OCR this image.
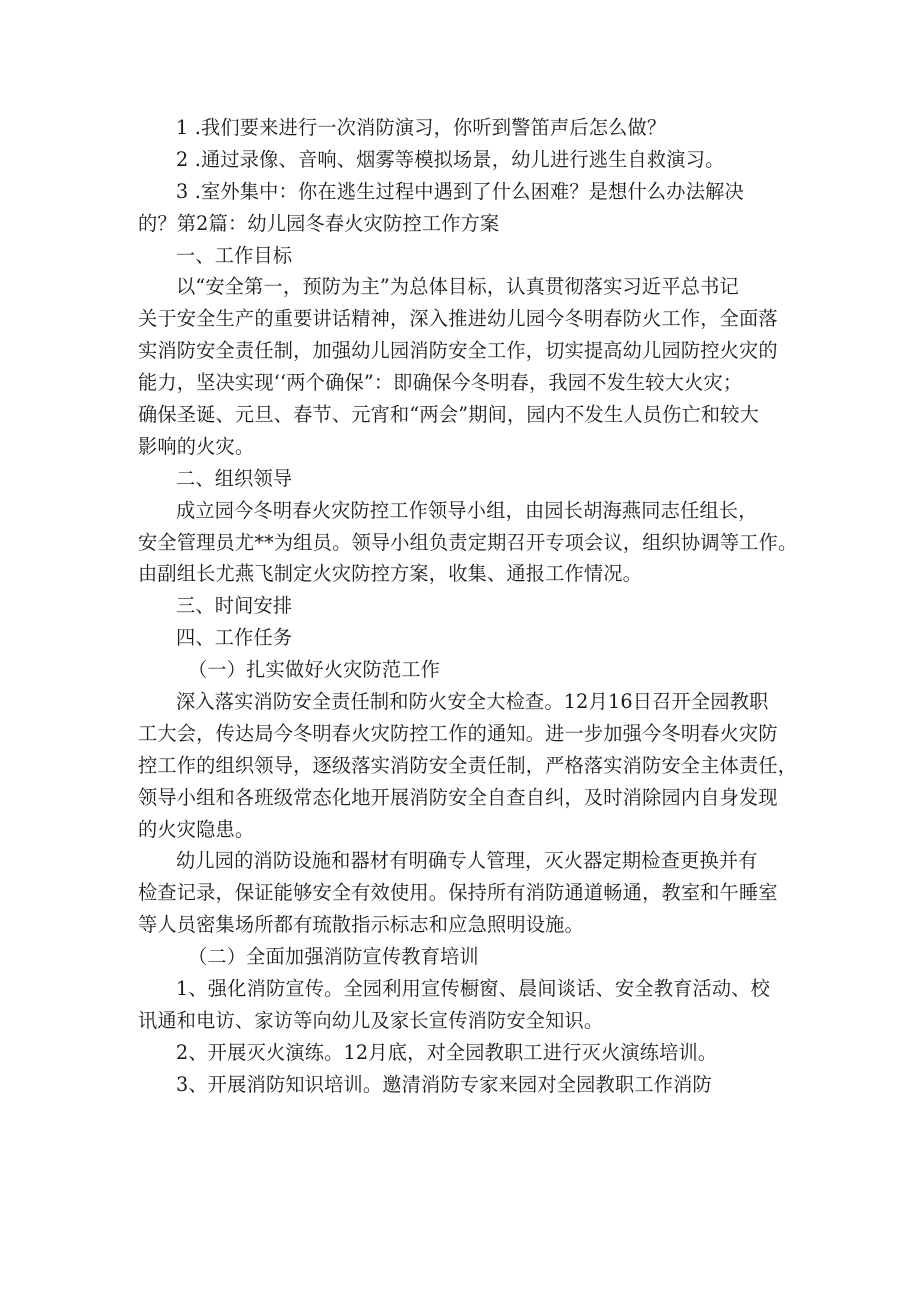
1 .我们要来进行一次消防演习，你听到警笛声后怎么做？
2 .通过录像、音响、烟雾等模拟场景，幼儿进行逃生自救演习。
3 .室外集中：你在逃生过程中遇到了什么困难？是想什么办法解决
的？第2篇：幼儿园冬春火灾防控工作方案
一、工作目标
以“安全第一，预防为主”为总体目标，认真贯彻落实习近平总书记
关于安全生产的重要讲话精神，深入推进幼儿园今冬明春防火工作，全面落
实消防安全责任制，加强幼儿园消防安全工作，切实提高幼儿园防控火灾的
能力，坚决实现‘‘两个确保”：即确保今冬明春，我园不发生较大火灾；
确保圣诞、元旦、春节、元宵和“两会”期间，园内不发生人员伤亡和较大
影响的火灾。
二、组织领导
成立园今冬明春火灾防控工作领导小组，由园长胡海燕同志任组长，
安全管理员尤**为组员。领导小组负责定期召开专项会议，组织协调等工作。
由副组长尤燕飞制定火灾防控方案，收集、通报工作情况。
三、时间安排
四、工作任务
（一）扎实做好火灾防范工作
深入落实消防安全责任制和防火安全大检查。12月16日召开全园教职
工大会，传达局今冬明春火灾防控工作的通知。进一步加强今冬明春火灾防
控工作的组织领导，逐级落实消防安全责任制，严格落实消防安全主体责任，
领导小组和各班级常态化地开展消防安全自查自纠，及时消除园内自身发现
的火灾隐患。
幼儿园的消防设施和器材有明确专人管理，灭火器定期检查更换并有
检查记录，保证能够安全有效使用。保持所有消防通道畅通，教室和午睡室
等人员密集场所都有琉散指示标志和应急照明设施。
（二）全面加强消防宣传教育培训
1、强化消防宣传。全园利用宣传橱窗、晨间谈话、安全教育活动、校
讯通和电访、家访等向幼儿及家长宣传消防安全知识。
2、开展灭火演练。12月底，对全园教职工进行灭火演练培训。
3、开展消防知识培训。邀清消防专家来园对全园教职工作消防
